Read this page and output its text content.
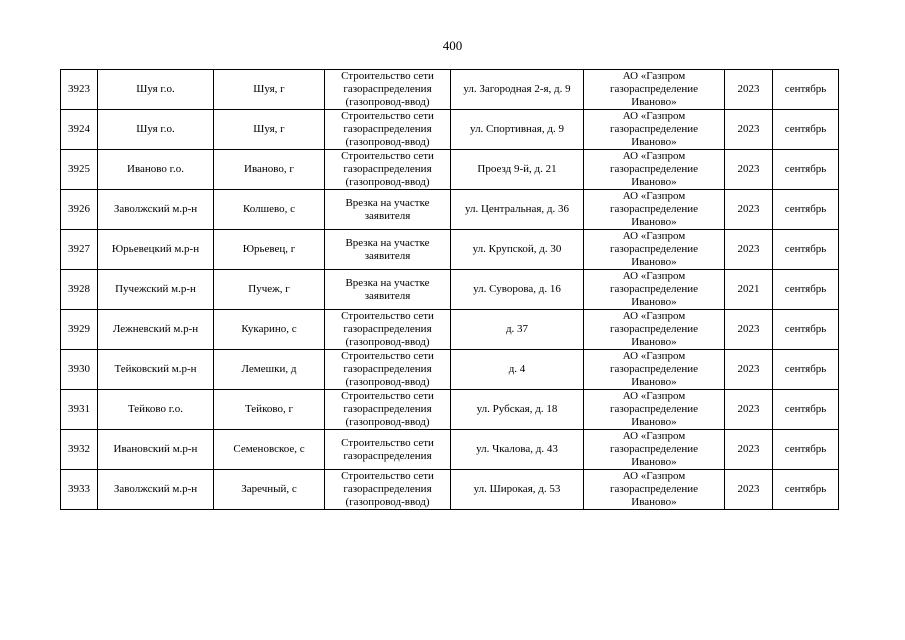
400
3923	Шуя г.о.	Шуя, г	Строительство сети
газораспределения
(газопровод-ввод)	ул. Загородная 2-я, д. 9	АО «Газпром
газораспределение
Иваново»	2023	сентябрь
3924	Шуя г.о.	Шуя, г	Строительство сети
газораспределения
(газопровод-ввод)	ул. Спортивная, д. 9	АО «Газпром
газораспределение
Иваново»	2023	сентябрь
3925	Иваново г.о.	Иваново, г	Строительство сети
газораспределения
(газопровод-ввод)	Проезд 9-й, д. 21	АО «Газпром
газораспределение
Иваново»	2023	сентябрь
3926	Заволжский м.р-н	Колшево, с	Врезка на участке
заявителя	ул. Центральная, д. 36	АО «Газпром
газораспределение
Иваново»	2023	сентябрь
3927	Юрьевецкий м.р-н	Юрьевец, г	Врезка на участке
заявителя	ул. Крупской, д. 30	АО «Газпром
газораспределение
Иваново»	2023	сентябрь
3928	Пучежский м.р-н	Пучеж, г	Врезка на участке
заявителя	ул. Суворова, д. 16	АО «Газпром
газораспределение
Иваново»	2021	сентябрь
3929	Лежневский м.р-н	Кукарино, с	Строительство сети
газораспределения
(газопровод-ввод)	д. 37	АО «Газпром
газораспределение
Иваново»	2023	сентябрь
3930	Тейковский м.р-н	Лемешки, д	Строительство сети
газораспределения
(газопровод-ввод)	д. 4	АО «Газпром
газораспределение
Иваново»	2023	сентябрь
3931	Тейково г.о.	Тейково, г	Строительство сети
газораспределения
(газопровод-ввод)	ул. Рубская, д. 18	АО «Газпром
газораспределение
Иваново»	2023	сентябрь
3932	Ивановский м.р-н	Семеновское, с	Строительство сети
газораспределения	ул. Чкалова, д. 43	АО «Газпром
газораспределение
Иваново»	2023	сентябрь
3933	Заволжский м.р-н	Заречный, с	Строительство сети
газораспределения
(газопровод-ввод)	ул. Широкая, д. 53	АО «Газпром
газораспределение
Иваново»	2023	сентябрь
